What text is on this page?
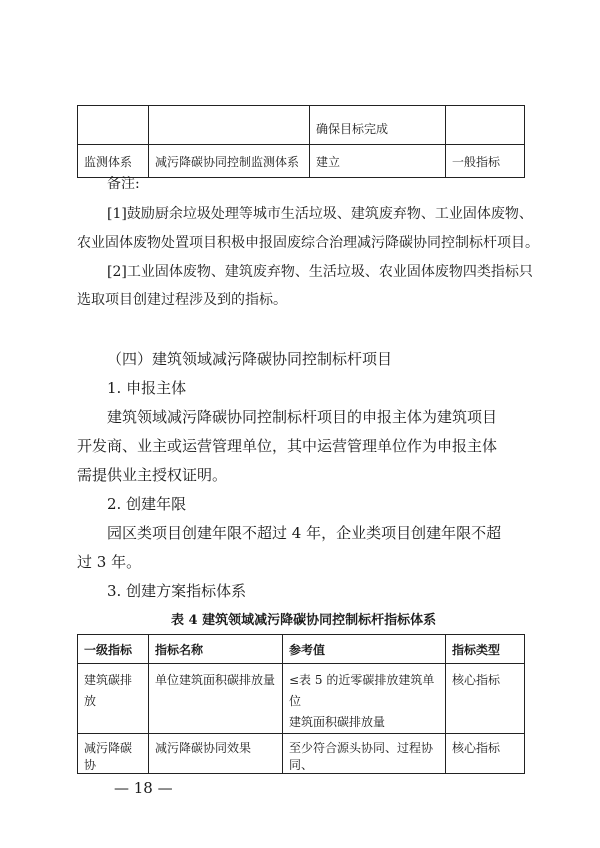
		确保目标完成	
监测体系	减污降碳协同控制监测体系	建立	一般指标
备注:
[1]鼓励厨余垃圾处理等城市生活垃圾、建筑废弃物、工业固体废物、
农业固体废物处置项目积极申报固废综合治理减污降碳协同控制标杆项目。
[2]工业固体废物、建筑废弃物、生活垃圾、农业固体废物四类指标只
选取项目创建过程涉及到的指标。
（四）建筑领域减污降碳协同控制标杆项目
1. 申报主体
建筑领域减污降碳协同控制标杆项目的申报主体为建筑项目
开发商、业主或运营管理单位，其中运营管理单位作为申报主体
需提供业主授权证明。
2. 创建年限
园区类项目创建年限不超过 4 年，企业类项目创建年限不超
过 3 年。
3. 创建方案指标体系
表 4 建筑领域减污降碳协同控制标杆指标体系
一级指标	指标名称	参考值	指标类型
建筑碳排放	单位建筑面积碳排放量	≤表 5 的近零碳排放建筑单位
建筑面积碳排放量	核心指标
减污降碳协	减污降碳协同效果	至少符合源头协同、过程协同、	核心指标
— 18 —
